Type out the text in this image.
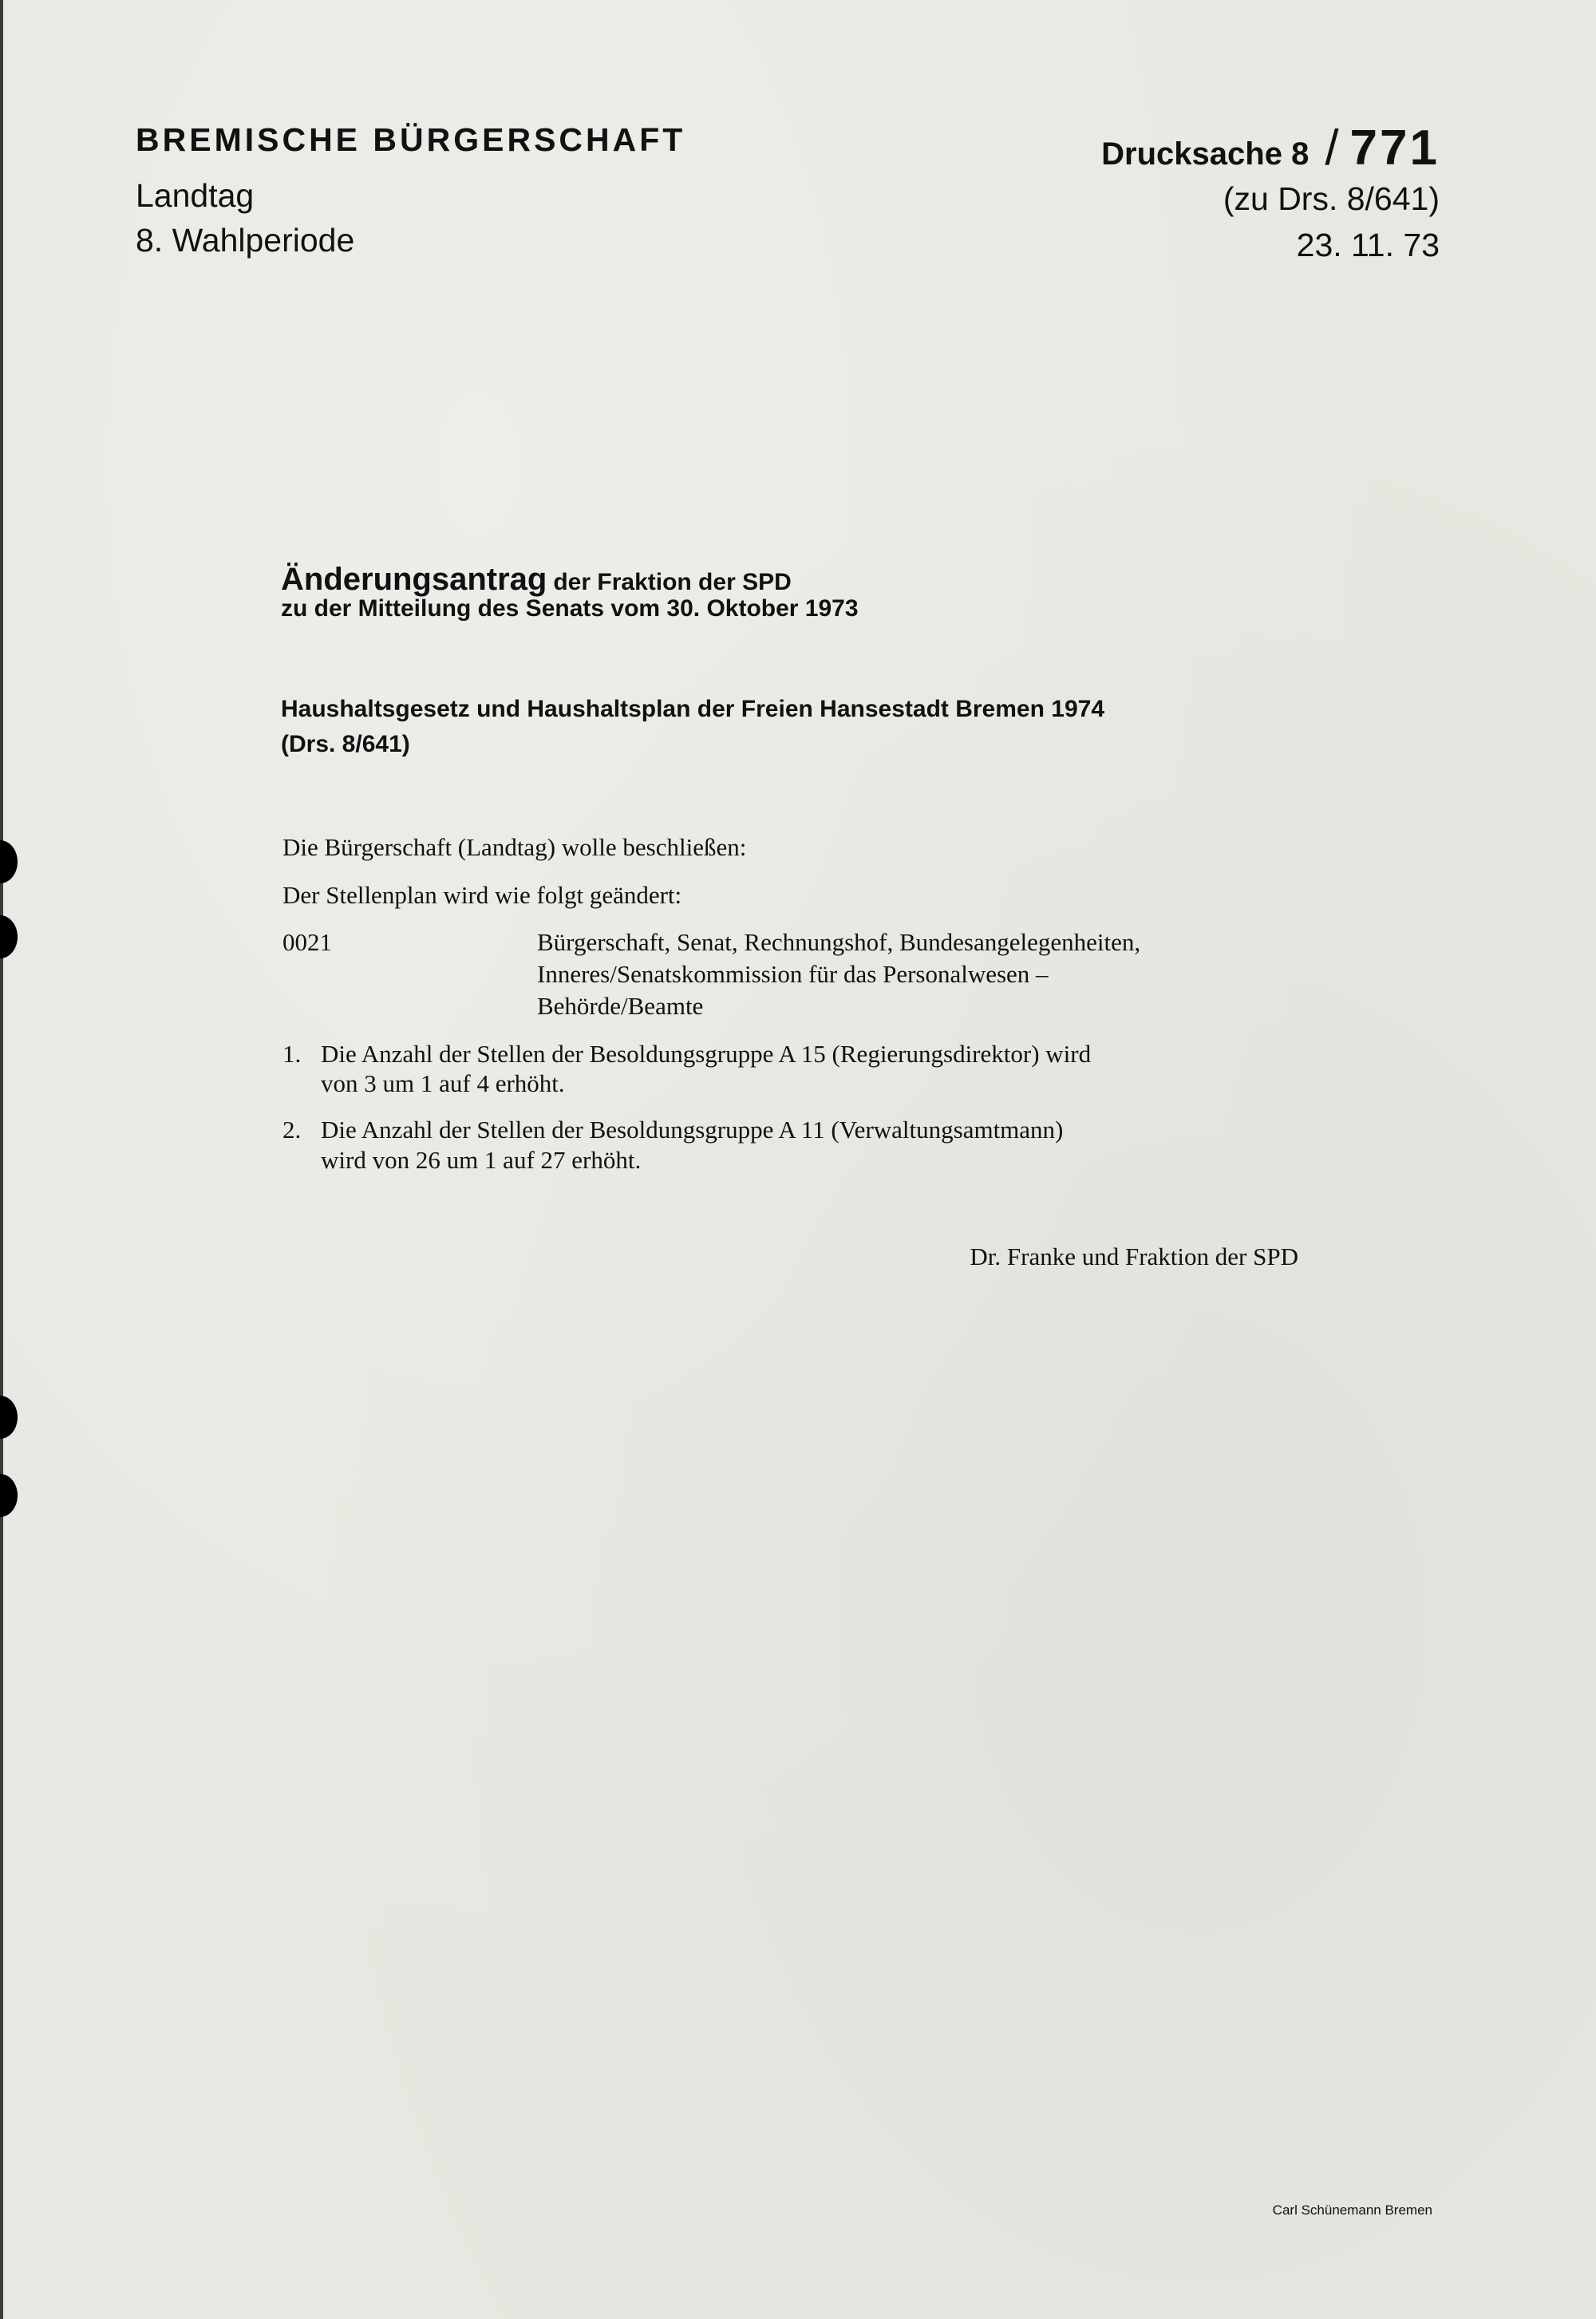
BREMISCHE BÜRGERSCHAFT
Landtag
8. Wahlperiode
Drucksache 8 / 771
(zu Drs. 8/641)
23. 11. 73
Änderungsantrag der Fraktion der SPD
zu der Mitteilung des Senats vom 30. Oktober 1973
Haushaltsgesetz und Haushaltsplan der Freien Hansestadt Bremen 1974
(Drs. 8/641)
Die Bürgerschaft (Landtag) wolle beschließen:
Der Stellenplan wird wie folgt geändert:
0021	Bürgerschaft, Senat, Rechnungshof, Bundesangelegenheiten,
Inneres/Senatskommission für das Personalwesen –
Behörde/Beamte
1. Die Anzahl der Stellen der Besoldungsgruppe A 15 (Regierungsdirektor) wird
von 3 um 1 auf 4 erhöht.
2. Die Anzahl der Stellen der Besoldungsgruppe A 11 (Verwaltungsamtmann)
wird von 26 um 1 auf 27 erhöht.
Dr. Franke und Fraktion der SPD
Carl Schünemann Bremen
